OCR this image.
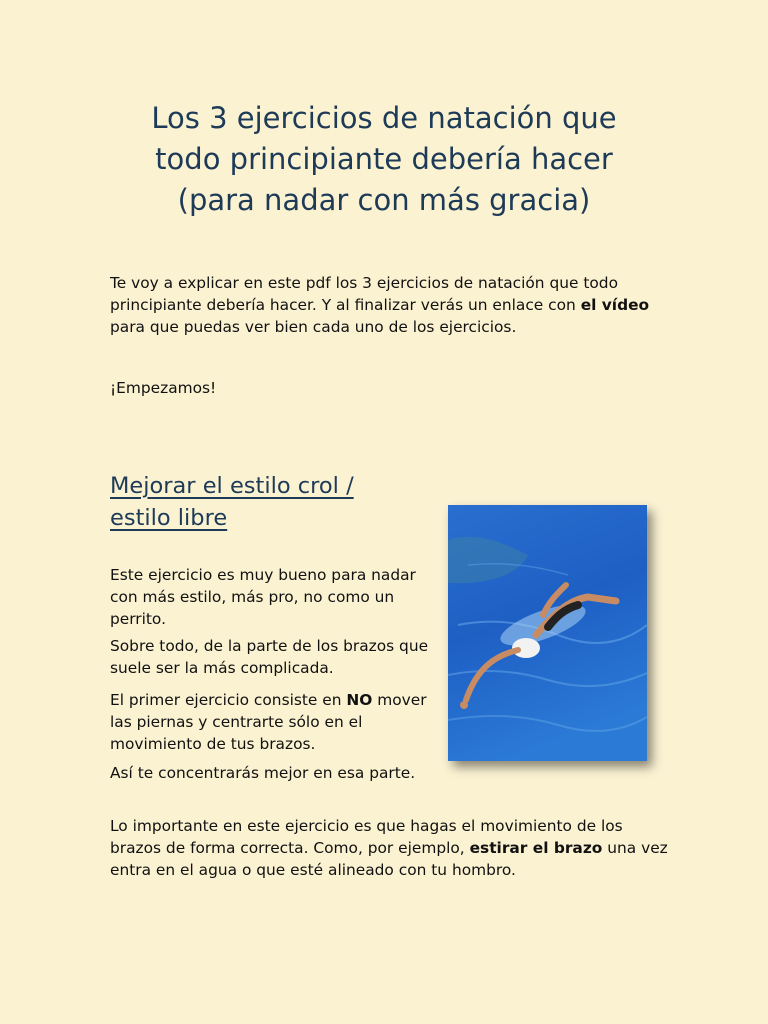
Los 3 ejercicios de natación que
todo principiante debería hacer
(para nadar con más gracia)

Te voy a explicar en este pdf los 3 ejercicios de natación que todo principiante debería hacer. Y al finalizar verás un enlace con el vídeo para que puedas ver bien cada uno de los ejercicios.

¡Empezamos!

Mejorar el estilo crol /
estilo libre

Este ejercicio es muy bueno para nadar con más estilo, más pro, no como un perrito.

Sobre todo, de la parte de los brazos que suele ser la más complicada.

El primer ejercicio consiste en NO mover las piernas y centrarte sólo en el movimiento de tus brazos.

Así te concentrarás mejor en esa parte.

Lo importante en este ejercicio es que hagas el movimiento de los brazos de forma correcta. Como, por ejemplo, estirar el brazo una vez entra en el agua o que esté alineado con tu hombro.
